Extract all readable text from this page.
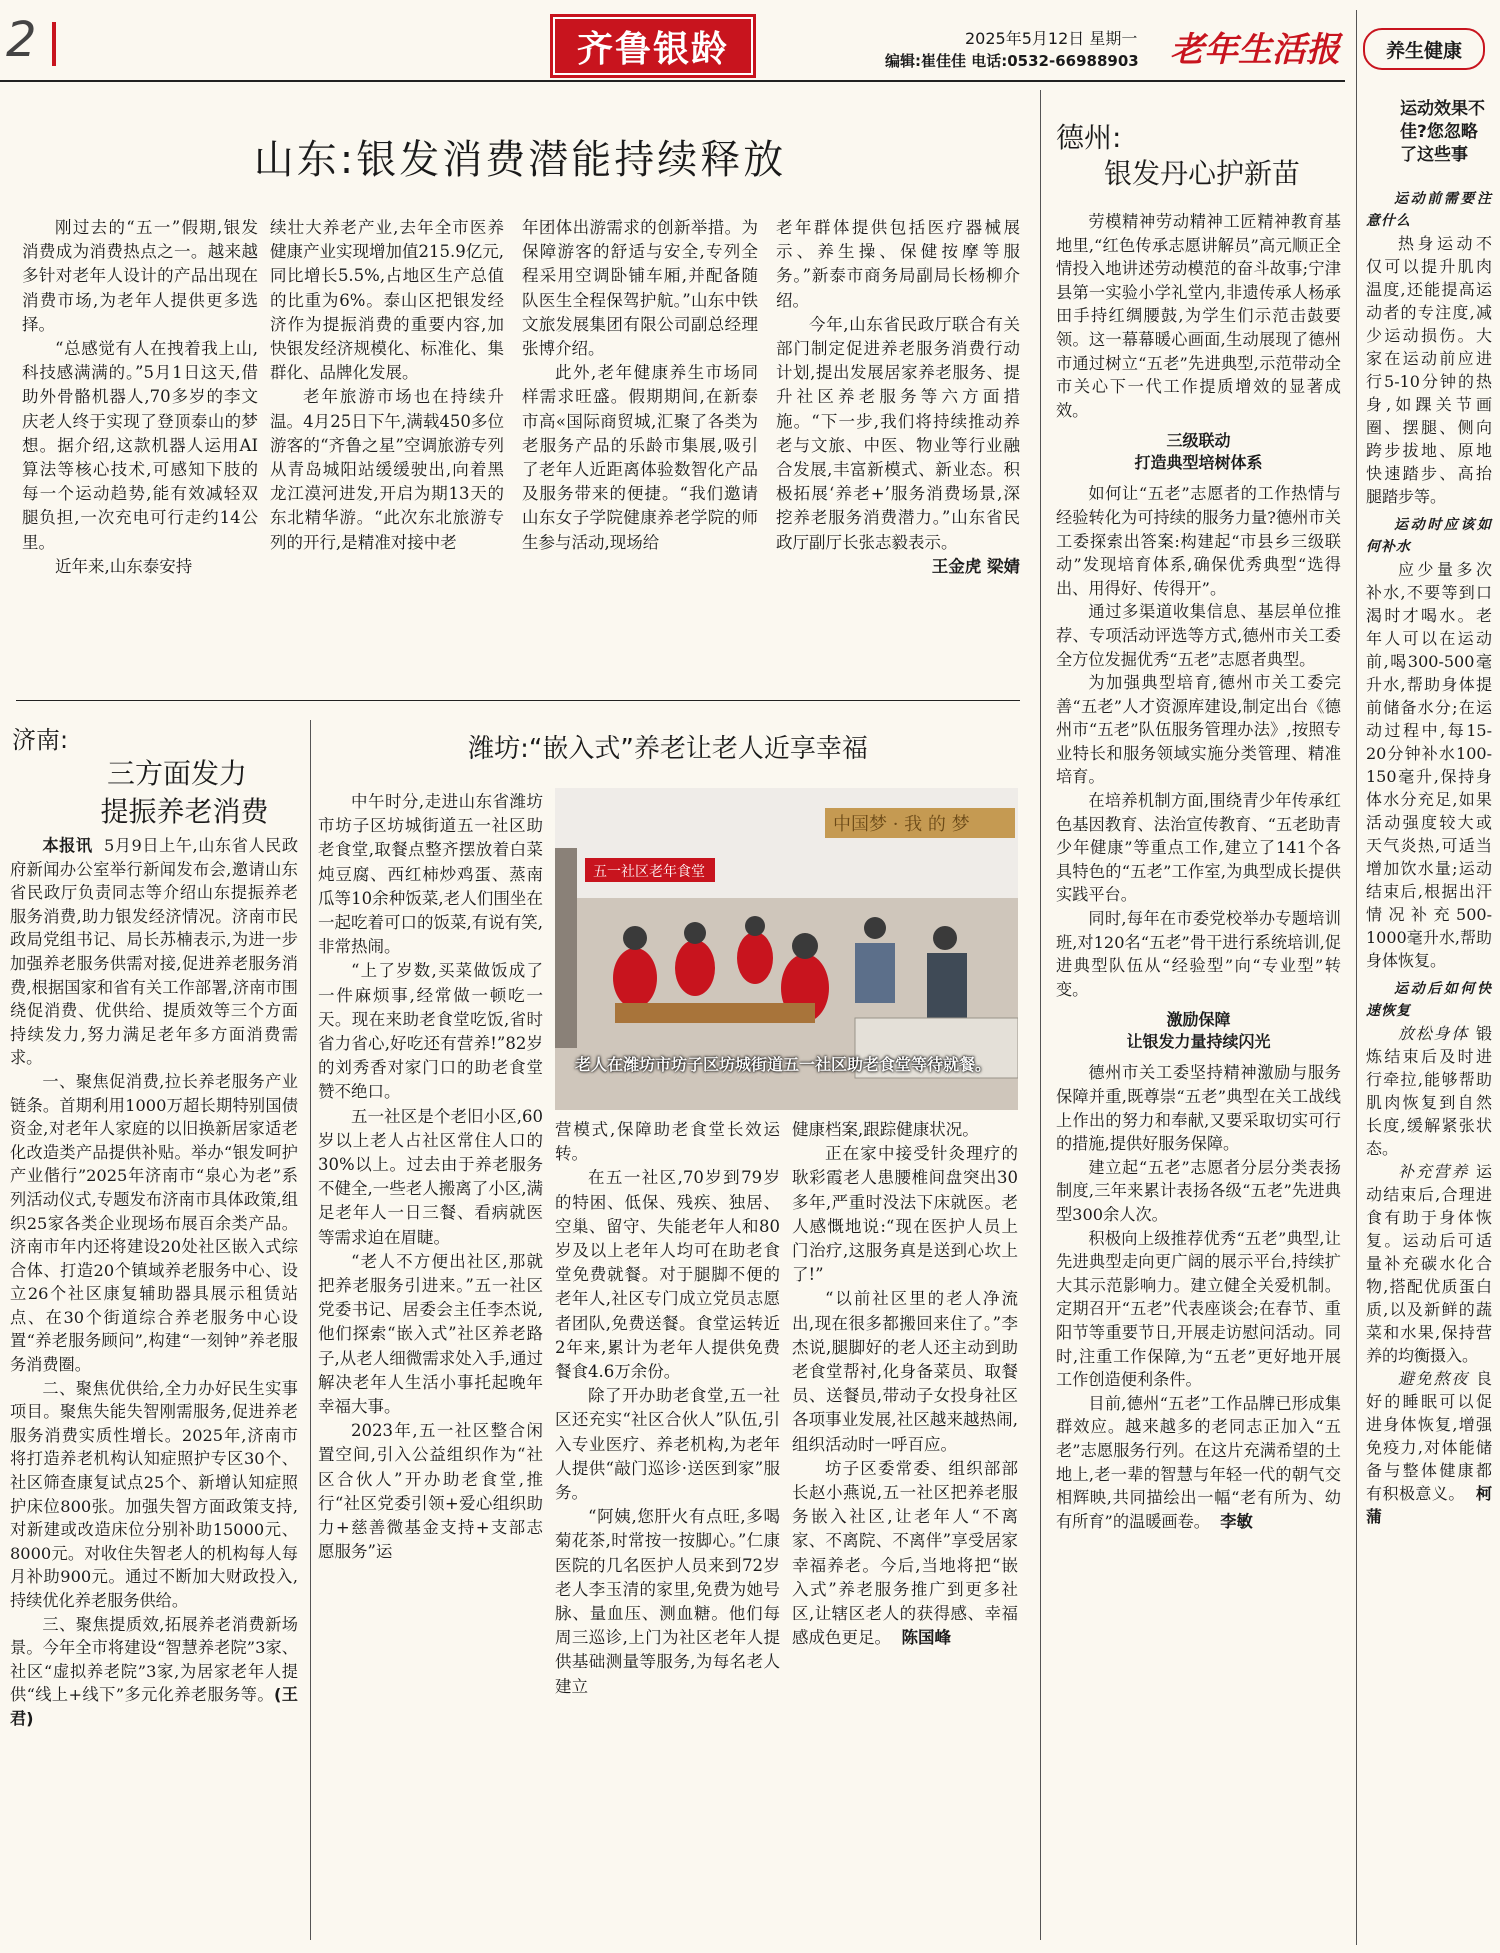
2	齐鲁银龄	2025年5月12日 星期一
编辑:崔佳佳 电话:0532-66988903 老年生活报 养生健康
山东:银发消费潜能持续释放

刚过去的“五一”假期,银发消费成为消费热点之一。越来越多针对老年人设计的产品出现在消费市场,为老年人提供更多选择。

“总感觉有人在拽着我上山,科技感满满的。”5月1日这天,借助外骨骼机器人,70多岁的李文庆老人终于实现了登顶泰山的梦想。据介绍,这款机器人运用AI算法等核心技术,可感知下肢的每一个运动趋势,能有效减轻双腿负担,一次充电可行走约14公里。

近年来,山东泰安持

续壮大养老产业,去年全市医养健康产业实现增加值215.9亿元,同比增长5.5%,占地区生产总值的比重为6%。泰山区把银发经济作为提振消费的重要内容,加快银发经济规模化、标准化、集群化、品牌化发展。

老年旅游市场也在持续升温。4月25日下午,满载450多位游客的“齐鲁之星”空调旅游专列从青岛城阳站缓缓驶出,向着黑龙江漠河进发,开启为期13天的东北精华游。“此次东北旅游专列的开行,是精准对接中老

年团体出游需求的创新举措。为保障游客的舒适与安全,专列全程采用空调卧铺车厢,并配备随队医生全程保驾护航。”山东中铁文旅发展集团有限公司副总经理张博介绍。

此外,老年健康养生市场同样需求旺盛。假期期间,在新泰市高«国际商贸城,汇聚了各类为老服务产品的乐龄市集展,吸引了老年人近距离体验数智化产品及服务带来的便捷。“我们邀请山东女子学院健康养老学院的师生参与活动,现场给

老年群体提供包括医疗器械展示、养生操、保健按摩等服务。”新泰市商务局副局长杨柳介绍。

今年,山东省民政厅联合有关部门制定促进养老服务消费行动计划,提出发展居家养老服务、提升社区养老服务等六方面措施。“下一步,我们将持续推动养老与文旅、中医、物业等行业融合发展,丰富新模式、新业态。积极拓展‘养老+’服务消费场景,深挖养老服务消费潜力。”山东省民政厅副厅长张志毅表示。

王金虎 梁婧

济南:
三方面发力
提振养老消费

本报讯 5月9日上午,山东省人民政府新闻办公室举行新闻发布会,邀请山东省民政厅负责同志等介绍山东提振养老服务消费,助力银发经济情况。济南市民政局党组书记、局长苏楠表示,为进一步加强养老服务供需对接,促进养老服务消费,根据国家和省有关工作部署,济南市围绕促消费、优供给、提质效等三个方面持续发力,努力满足老年多方面消费需求。

一、聚焦促消费,拉长养老服务产业链条。首期利用1000万超长期特别国债资金,对老年人家庭的以旧换新居家适老化改造类产品提供补贴。举办“银发呵护 产业偕行”2025年济南市“泉心为老”系列活动仪式,专题发布济南市具体政策,组织25家各类企业现场布展百余类产品。济南市年内还将建设20处社区嵌入式综合体、打造20个镇域养老服务中心、设立26个社区康复辅助器具展示租赁站点、在30个街道综合养老服务中心设置“养老服务顾问”,构建“一刻钟”养老服务消费圈。

二、聚焦优供给,全力办好民生实事项目。聚焦失能失智刚需服务,促进养老服务消费实质性增长。2025年,济南市将打造养老机构认知症照护专区30个、社区筛查康复试点25个、新增认知症照护床位800张。加强失智方面政策支持,对新建或改造床位分别补助15000元、8000元。对收住失智老人的机构每人每月补助900元。通过不断加大财政投入,持续优化养老服务供给。

三、聚焦提质效,拓展养老消费新场景。今年全市将建设“智慧养老院”3家、社区“虚拟养老院”3家,为居家老年人提供“线上+线下”多元化养老服务等。(王君)

潍坊:“嵌入式”养老让老人近享幸福
中国梦 · 我 的 梦
五一社区老年食堂
老人在潍坊市坊子区坊城街道五一社区助老食堂等待就餐。

中午时分,走进山东省潍坊市坊子区坊城街道五一社区助老食堂,取餐点整齐摆放着白菜炖豆腐、西红柿炒鸡蛋、蒸南瓜等10余种饭菜,老人们围坐在一起吃着可口的饭菜,有说有笑,非常热闹。

“上了岁数,买菜做饭成了一件麻烦事,经常做一顿吃一天。现在来助老食堂吃饭,省时省力省心,好吃还有营养!”82岁的刘秀香对家门口的助老食堂赞不绝口。

五一社区是个老旧小区,60岁以上老人占社区常住人口的30%以上。过去由于养老服务不健全,一些老人搬离了小区,满足老年人一日三餐、看病就医等需求迫在眉睫。

“老人不方便出社区,那就把养老服务引进来。”五一社区党委书记、居委会主任李杰说,他们探索“嵌入式”社区养老路子,从老人细微需求处入手,通过解决老年人生活小事托起晚年幸福大事。

2023年,五一社区整合闲置空间,引入公益组织作为“社区合伙人”开办助老食堂,推行“社区党委引领+爱心组织助力+慈善微基金支持+支部志愿服务”运

营模式,保障助老食堂长效运转。

在五一社区,70岁到79岁的特困、低保、残疾、独居、空巢、留守、失能老年人和80岁及以上老年人均可在助老食堂免费就餐。对于腿脚不便的老年人,社区专门成立党员志愿者团队,免费送餐。食堂运转近2年来,累计为老年人提供免费餐食4.6万余份。

除了开办助老食堂,五一社区还充实“社区合伙人”队伍,引入专业医疗、养老机构,为老年人提供“敲门巡诊·送医到家”服务。

“阿姨,您肝火有点旺,多喝菊花茶,时常按一按脚心。”仁康医院的几名医护人员来到72岁老人李玉清的家里,免费为她号脉、量血压、测血糖。他们每周三巡诊,上门为社区老年人提供基础测量等服务,为每名老人建立

健康档案,跟踪健康状况。

正在家中接受针灸理疗的耿彩霞老人患腰椎间盘突出30多年,严重时没法下床就医。老人感慨地说:“现在医护人员上门治疗,这服务真是送到心坎上了!”

“以前社区里的老人净流出,现在很多都搬回来住了。”李杰说,腿脚好的老人还主动到助老食堂帮衬,化身备菜员、取餐员、送餐员,带动子女投身社区各项事业发展,社区越来越热闹,组织活动时一呼百应。

坊子区委常委、组织部部长赵小燕说,五一社区把养老服务嵌入社区,让老年人“不离家、不离院、不离伴”享受居家幸福养老。今后,当地将把“嵌入式”养老服务推广到更多社区,让辖区老人的获得感、幸福感成色更足。 陈国峰

德州:
银发丹心护新苗

劳模精神劳动精神工匠精神教育基地里,“红色传承志愿讲解员”高元顺正全情投入地讲述劳动模范的奋斗故事;宁津县第一实验小学礼堂内,非遗传承人杨承田手持红绸腰鼓,为学生们示范击鼓要领。这一幕幕暖心画面,生动展现了德州市通过树立“五老”先进典型,示范带动全市关心下一代工作提质增效的显著成效。

三级联动
打造典型培树体系

如何让“五老”志愿者的工作热情与经验转化为可持续的服务力量?德州市关工委探索出答案:构建起“市县乡三级联动”发现培育体系,确保优秀典型“选得出、用得好、传得开”。

通过多渠道收集信息、基层单位推荐、专项活动评选等方式,德州市关工委全方位发掘优秀“五老”志愿者典型。

为加强典型培育,德州市关工委完善“五老”人才资源库建设,制定出台《德州市“五老”队伍服务管理办法》,按照专业特长和服务领域实施分类管理、精准培育。

在培养机制方面,围绕青少年传承红色基因教育、法治宣传教育、“五老助青少年健康”等重点工作,建立了141个各具特色的“五老”工作室,为典型成长提供实践平台。

同时,每年在市委党校举办专题培训班,对120名“五老”骨干进行系统培训,促进典型队伍从“经验型”向“专业型”转变。

激励保障
让银发力量持续闪光

德州市关工委坚持精神激励与服务保障并重,既尊崇“五老”典型在关工战线上作出的努力和奉献,又要采取切实可行的措施,提供好服务保障。

建立起“五老”志愿者分层分类表扬制度,三年来累计表扬各级“五老”先进典型300余人次。

积极向上级推荐优秀“五老”典型,让先进典型走向更广阔的展示平台,持续扩大其示范影响力。建立健全关爱机制。定期召开“五老”代表座谈会;在春节、重阳节等重要节日,开展走访慰问活动。同时,注重工作保障,为“五老”更好地开展工作创造便利条件。

目前,德州“五老”工作品牌已形成集群效应。越来越多的老同志正加入“五老”志愿服务行列。在这片充满希望的土地上,老一辈的智慧与年轻一代的朝气交相辉映,共同描绘出一幅“老有所为、幼有所育”的温暖画卷。 李敏

运动效果不佳?您忽略了这些事
运动前需要注意什么

热身运动不仅可以提升肌肉温度,还能提高运动者的专注度,减少运动损伤。大家在运动前应进行5-10分钟的热身,如踝关节画圈、摆腿、侧向跨步拔地、原地快速踏步、高抬腿踏步等。

运动时应该如何补水

应少量多次补水,不要等到口渴时才喝水。老年人可以在运动前,喝300-500毫升水,帮助身体提前储备水分;在运动过程中,每15-20分钟补水100-150毫升,保持身体水分充足,如果活动强度较大或天气炎热,可适当增加饮水量;运动结束后,根据出汗情况补充500-1000毫升水,帮助身体恢复。

运动后如何快速恢复

放松身体 锻炼结束后及时进行牵拉,能够帮助肌肉恢复到自然长度,缓解紧张状态。

补充营养 运动结束后,合理进食有助于身体恢复。运动后可适量补充碳水化合物,搭配优质蛋白质,以及新鲜的蔬菜和水果,保持营养的均衡摄入。

避免熬夜 良好的睡眠可以促进身体恢复,增强免疫力,对体能储备与整体健康都有积极意义。 柯蒲
